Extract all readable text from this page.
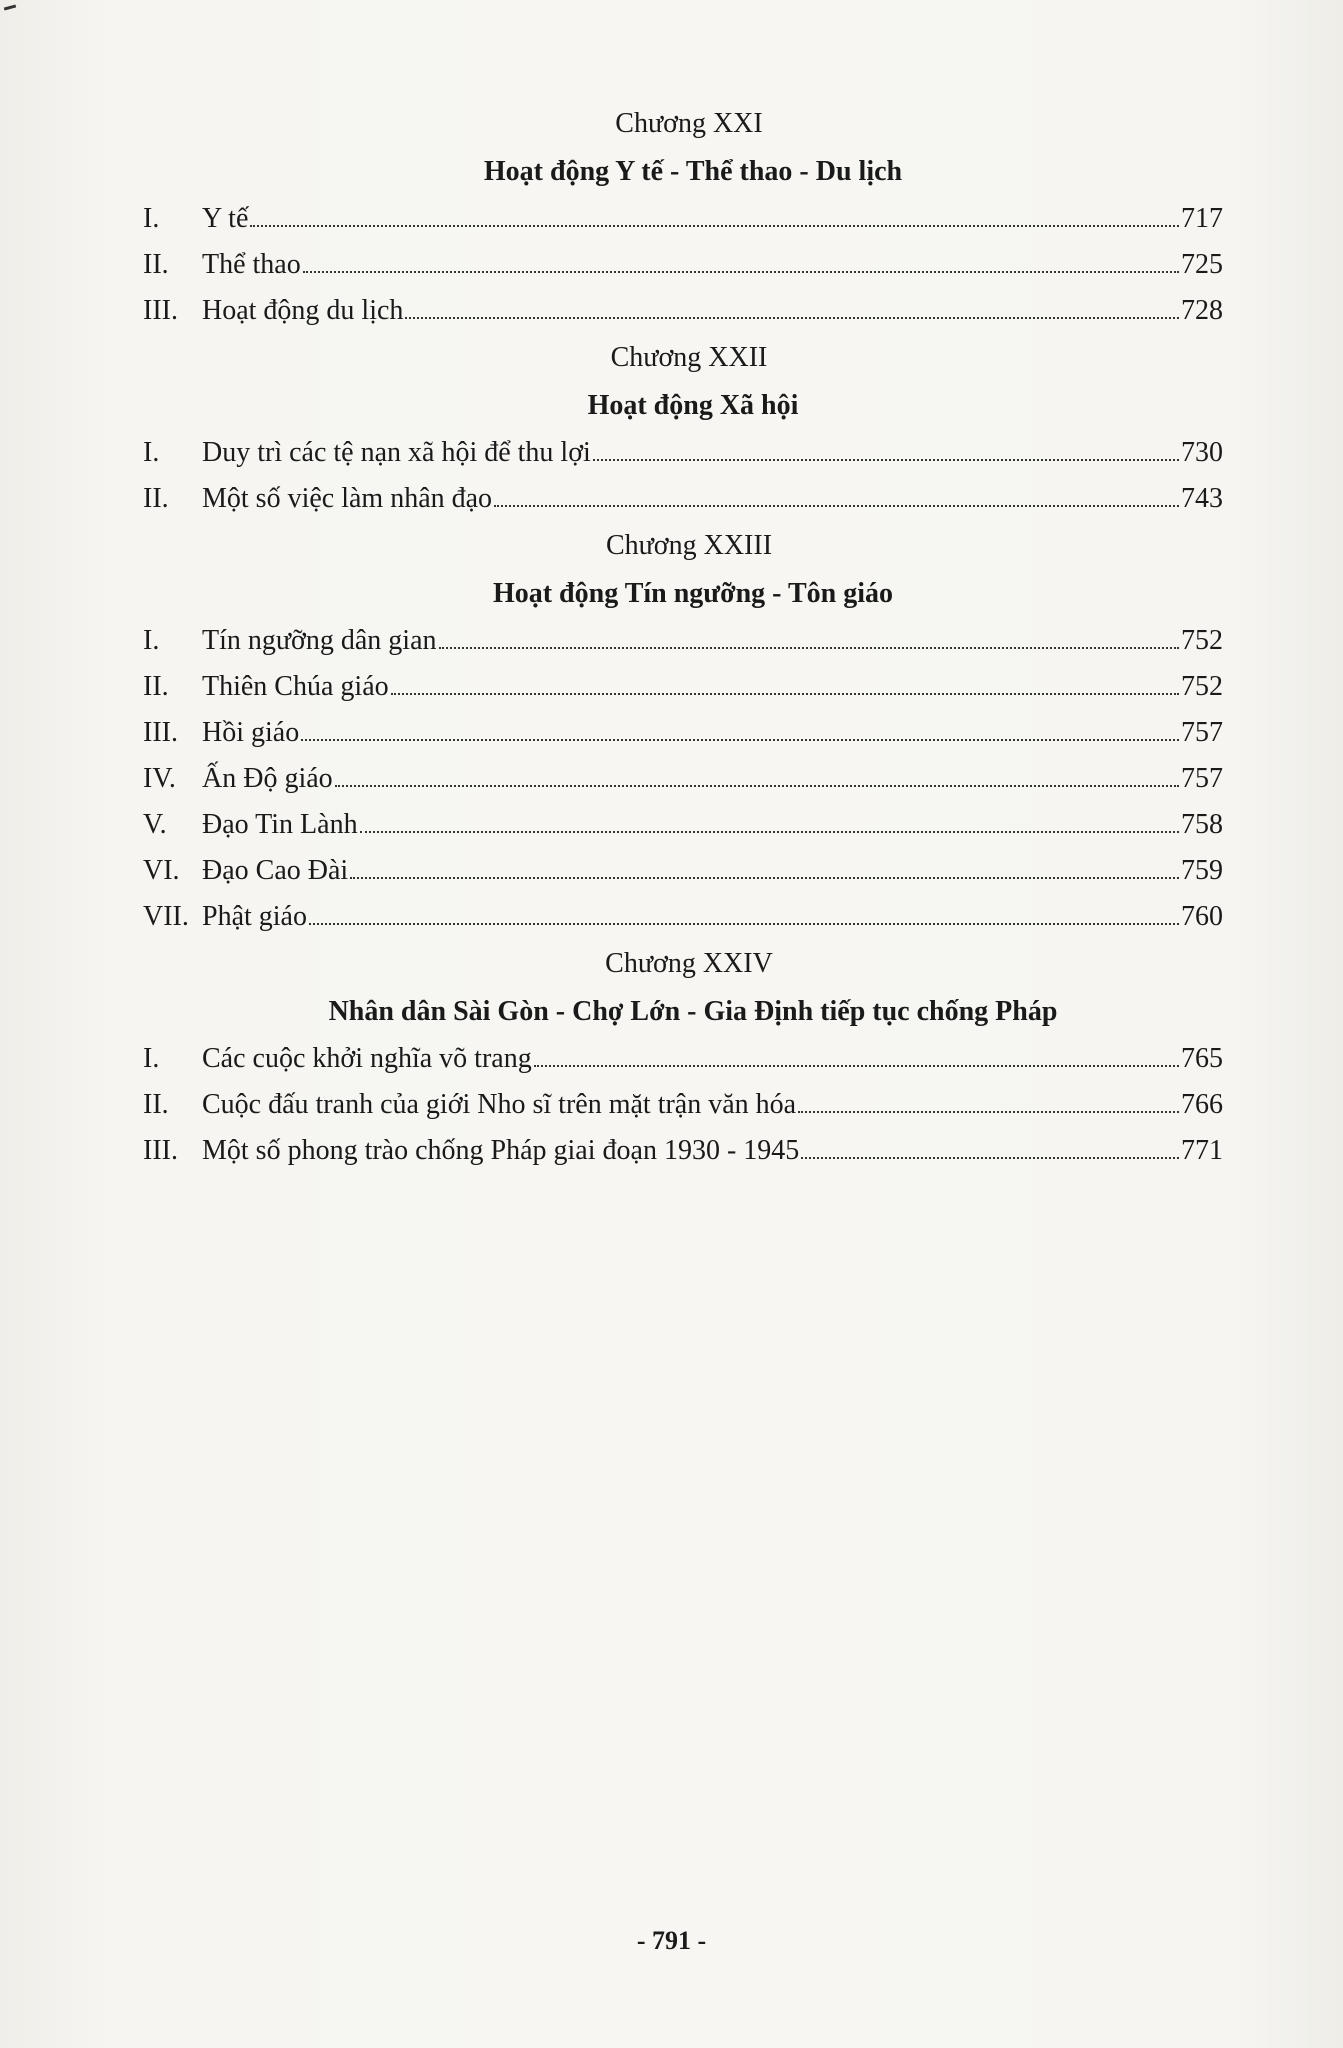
Chương XXI
Hoạt động Y tế - Thể thao - Du lịch
I.	Y tế	717
II.	Thể thao	725
III. Hoạt động du lịch	728
Chương XXII
Hoạt động Xã hội
I.	Duy trì các tệ nạn xã hội để thu lợi	730
II.	Một số việc làm nhân đạo	743
Chương XXIII
Hoạt động Tín ngưỡng - Tôn giáo
I.	Tín ngưỡng dân gian	752
II.	Thiên Chúa giáo	752
III. Hồi giáo	757
IV. Ấn Độ giáo	757
V.	Đạo Tin Lành	758
VI. Đạo Cao Đài	759
VII. Phật giáo	760
Chương XXIV
Nhân dân Sài Gòn - Chợ Lớn - Gia Định tiếp tục chống Pháp
I.	Các cuộc khởi nghĩa võ trang	765
II.	Cuộc đấu tranh của giới Nho sĩ trên mặt trận văn hóa	766
III. Một số phong trào chống Pháp giai đoạn 1930 - 1945	771
- 791 -
